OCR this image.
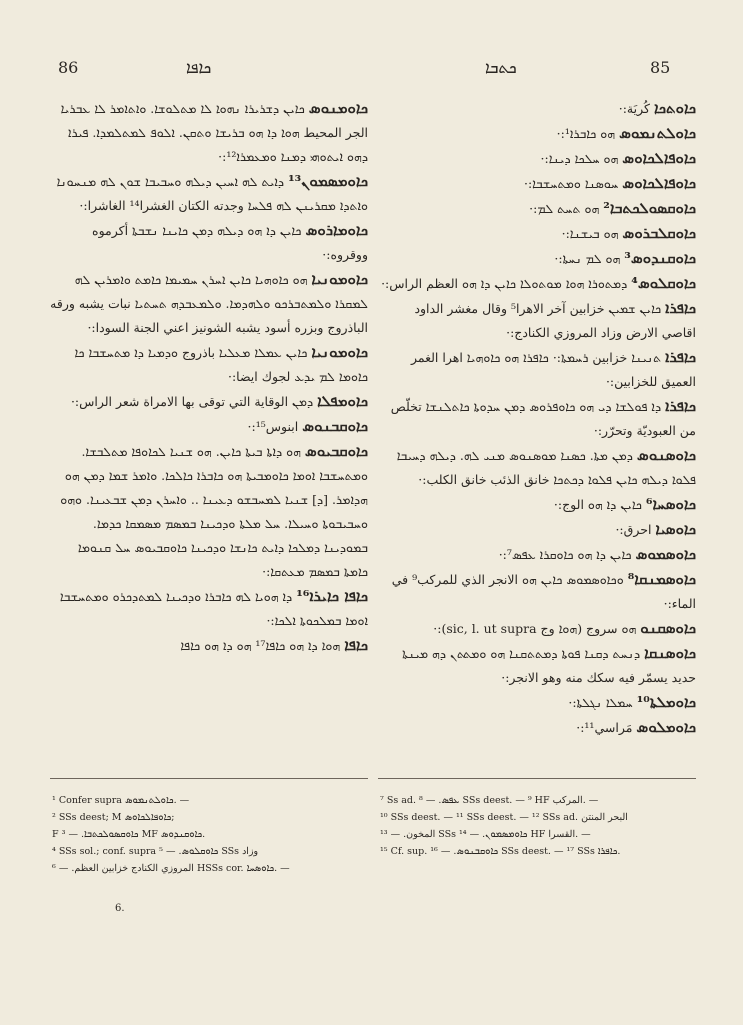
86	ܟܐܦܐ	ܟܬܒܐ	85

ܟܐܘܡܢܘܣ ܟܐܝܢ ܕܫܪܝܪܐ ܢܗܘܐ ܠܐ ܡܬܠܘܫܐ. ܘܐܬܐܡܪ ܠܐ ܥܒܪܝܐ الجر المحيط ܗܘܐ ܕܐ ܗܘ ܒܪܝܫܐ ܘܬܩܢ. ܐܠܘܦ ܠܡܬܠܡܕܐ. ܦܝܪܐ ܕܗܘ ܐܝܬܘܗܝ ܕܡܢܐ ܘܡܥܡܪܐ¹²:·

ܟܐܘܡܣܡܘܢ¹³ ܕܐܝܬ ܠܗ ܐܚܝܢ ܕܝܠܗ ܘܚܒܝܒܐ ܫܘܢ ܠܗ ܡܢܚܘܢܐ ܘܐܬܕܐ ܡܩܪܝܢܢ ܠܗ ܦܠܚܐ وجدته الكتان الغشرا¹⁴ الغاشرا:·

ܟܐܘܡܐܪܘܣ ܟܐܝܢ ܕܐ ܗܘ ܕܝܠܗ ܕܡܢ ܟܐܝܢܐ ܢܫܒܬܐ أكرموه ووقروه:·

ܟܐܘܡܘܢܝܐ ܗܘ ܟܐܘܗܝܐ ܟܐܝܢ ܐܚܪܢ ܚܡܝܡܐ ܟܐܡܬ ܘܐܡܪܝܢ ܠܗ ܠܡܩܪܐ ܘܠܡܬܒܪܟܘ ܘܠܗܕܡܐ. ܘܠܡܥܒܕܗ ܬܚܬܝܐ نبات يشبه ورقه الباذروج وبزره أسود يشبه الشونيز اعني الجنة السودا:·

ܟܐܘܡܘܢܝܐ ܟܐܝܢ ܥܡܠܐ ܡܥܠܝܐ باذروج ܘܕܡܝܐ ܕܐ ܡܬܚܫܒܐ ܟܐ ܟܐܘܡܐ ܠܡ ܝܕܥ لجوك ايضا:·

ܟܐܘܡܦܠܐ ܕܡܢ الوقاية التي توقى بها الامراة شعر الراس:·

ܟܐܘܩܒܢܘܣ ابنوس¹⁵:·

ܟܐܘܩܒܝܘܣ ܗܘ ܕܐܬܐ ܒܝܬܐ ܟܐܝܢ. ܗܘ ܫܢܝܐ ܠܟܐܘܦܐ ܡܬܠܒܫܐ. ܘܡܬܚܫܒܐ ܐܘܡܐ ܟܐܘܡܒܝܬܐ ܗܘ ܟܐܒܪܐ ܟܐܠܟܐ. ܘܐܡܪ ܫܡܐ ܕܡܢ ܗܘ ܗܕܐܡܪ. [ܕ] ܫܢܝܐ ܠܡܚܒܫܘ ܕܥܝܢܐ .. ܘܐܚܪܢ ܕܡܢ ܫܒܥܝܢܐ. ܘܗܘ ܘܚܒܝܒܘܬܐ ܘܚܝܠܐ. ܚܠ ܡܠܬܐ ܘܕܟܝܢܐ ܒܡܣܡ ܡܣܡܩܐ ܟܕܡܐ. ܒܡܘܕܝܢܐ ܕܡܠܟܐ ܕܐܝܬ ܟܐܢܫܐ ܘܕܟܝܢܐ ܟܐܘܩܒܝܘܣ ܚܠ ܩܢܘܡܐ ܟܐܡܬܐ ܒܡܣܡ ܡܥܬܩܐ:·

ܟܐܦܐ ܟܐܝܪܐ¹⁶ ܕܐ ܗܘܝܐ ܠܗ ܟܐܒܪܐ ܘܕܟܝܢܐ ܠܡܬܕܟܪܘ ܘܡܬܚܫܒܐ ܐܘܡܐ ܒܡܠܟܘܬܐ ܐܠܟܐ:·

ܟܐܦܐ ܗܘܐ ܕܐ ܗܘ ܟܐܦܐ¹⁷ ܗܘ ܕܐ ܗܘ ܟܐܦܐ

ܟܐܘܬܟܐ كُريَة:·

ܟܐܘܠܬܢܡܘܣ ܗܘ ܟܐܒܪܐ¹:·

ܟܐܘܦܐܠܟܐܘܣ ܗܘ ܚܠܟܐ ܕܝܢܐ:·

ܟܐܘܦܐܠܟܐܘܣ ܚܘܣܢܐ ܘܡܬܚܫܒܐ:·

ܟܐܘܩܣܘܠܟܬܒܐ² ܗܘ ܬܚܬ ܠܡ:·

ܟܐܘܩܠܒܪܘܣ ܗܘ ܒܝܫܢܐ:·

ܟܐܘܩܢܕܘܣ³ ܗܘ ܠܡ ܢܚܬܐ:·

ܟܐܘܩܠܘܣ⁴ ܕܡܬܘܪܐ ܗܘܐ ܡܘܬܘܠܐ ܟܐܝܢ ܕܐ ܗܘ العظم الراس:·

ܟܐܦܪܐ ܟܐܝܢ ܫܡܝܢ خزابين آخر الاهرا⁵ وقال مغشر الداود اقاصي الارض وزاد المروزي الكنادج:·

ܟܐܦܪܐ ܬܢܝܢܐ خزابين ܪܚܡܬܐ:· ܟܐܦܪܐ ܗܘ ܟܐܘܗܝܐ اهرا الغمر العميق للخزابين:·

ܟܐܦܪܐ ܕܐ ܦܘܠܫܐ ܕܝ ܗܘ ܟܐܘܦܪܘܣ ܕܡܢ ܚܕܘܬܐ ܟܐܬܠܢܫܐ تخلّص من العبوديّة وتحرّر:·

ܟܐܘܣܢܘܣ ܕܡܢ ܡܬܐ. ܟܣܢܐ ܡܘܣܢܘܣ ܡܢܝ ܠܗ. ܕܝܠܗ ܕܚܝܒܐ ܦܠܘܐ ܕܝܠܗ ܟܐܝܢ ܦܠܘܐ ܕܟܬܟܐ خانق الذئب خانق الكلب:·

ܟܐܘܣܚܐ⁶ ܟܐܝܢ ܕܐ ܗܘ الوج:·

ܟܐܘܣܝܐ احرق:·

ܟܐܘܣܡܘܣ ܟܐܝܢ ܕܐ ܗܘ ܟܐܘܩܪܐ ܥܦܣ⁷:·

ܟܐܘܣܡܢܩܐ⁸ ܘܟܐܘܣܡܘܣ ܟܐܝܢ ܗܘ الانجر الذي للمركب⁹ في الماء:·

ܟܐܘܣܩܢܘ ܗܘ سروج (ܗܘܐ وج sic, l. ut supra):·

ܟܐܘܣܢܩܐ ܕܢܚܬ ܕܩܢܐ ܦܘܬܐ ܕܡܬܬܩܢܐ ܗܘ ܘܡܬܬܢ ܕܗ ܡܝܢܬܐ حديد يسمّر فيه سكك منه وهو الانجر:·

ܟܐܘܡܠܬܐ¹⁰ ܚܡܠܐ ܢܓܠܬܐ:·

ܟܐܘܡܠܘܣ مَراسي¹¹:·

¹ Confer supra ܟܐܘܠܬܢܡܘܣ. —

² SSs deest; M ܟܐܘܦܐܠܟܐܘܣ;

F ܟܐܘܩܣܘܠܟܬܒܐ. — ³ MF ܟܐܘܩܢܕܘܣ.

⁴ SSs sol.; conf. supra ܟܐܘܩܠܘܣ. — ⁵ SSs وزاد

المروزي الكنادج خزابين العظم. — ⁶ HSSs cor. ܟܐܘܣܚܐ. —

⁷ Ss ad. ܥܦܣ. — ⁸ SSs deest. — ⁹ HF المركب. —

¹⁰ SSs deest. — ¹¹ SSs deest. — ¹² SSs ad. البحر المنتن

المخون. — ¹³ SSs ܟܐܘܡܣܡܘܢ. — ¹⁴ HF القسرا. —

¹⁵ Cf. sup. ܟܐܘܩܒܢܘܣ. — ¹⁶ SSs deest. — ¹⁷ SSs ܟܐܦܪܐ.

6.
